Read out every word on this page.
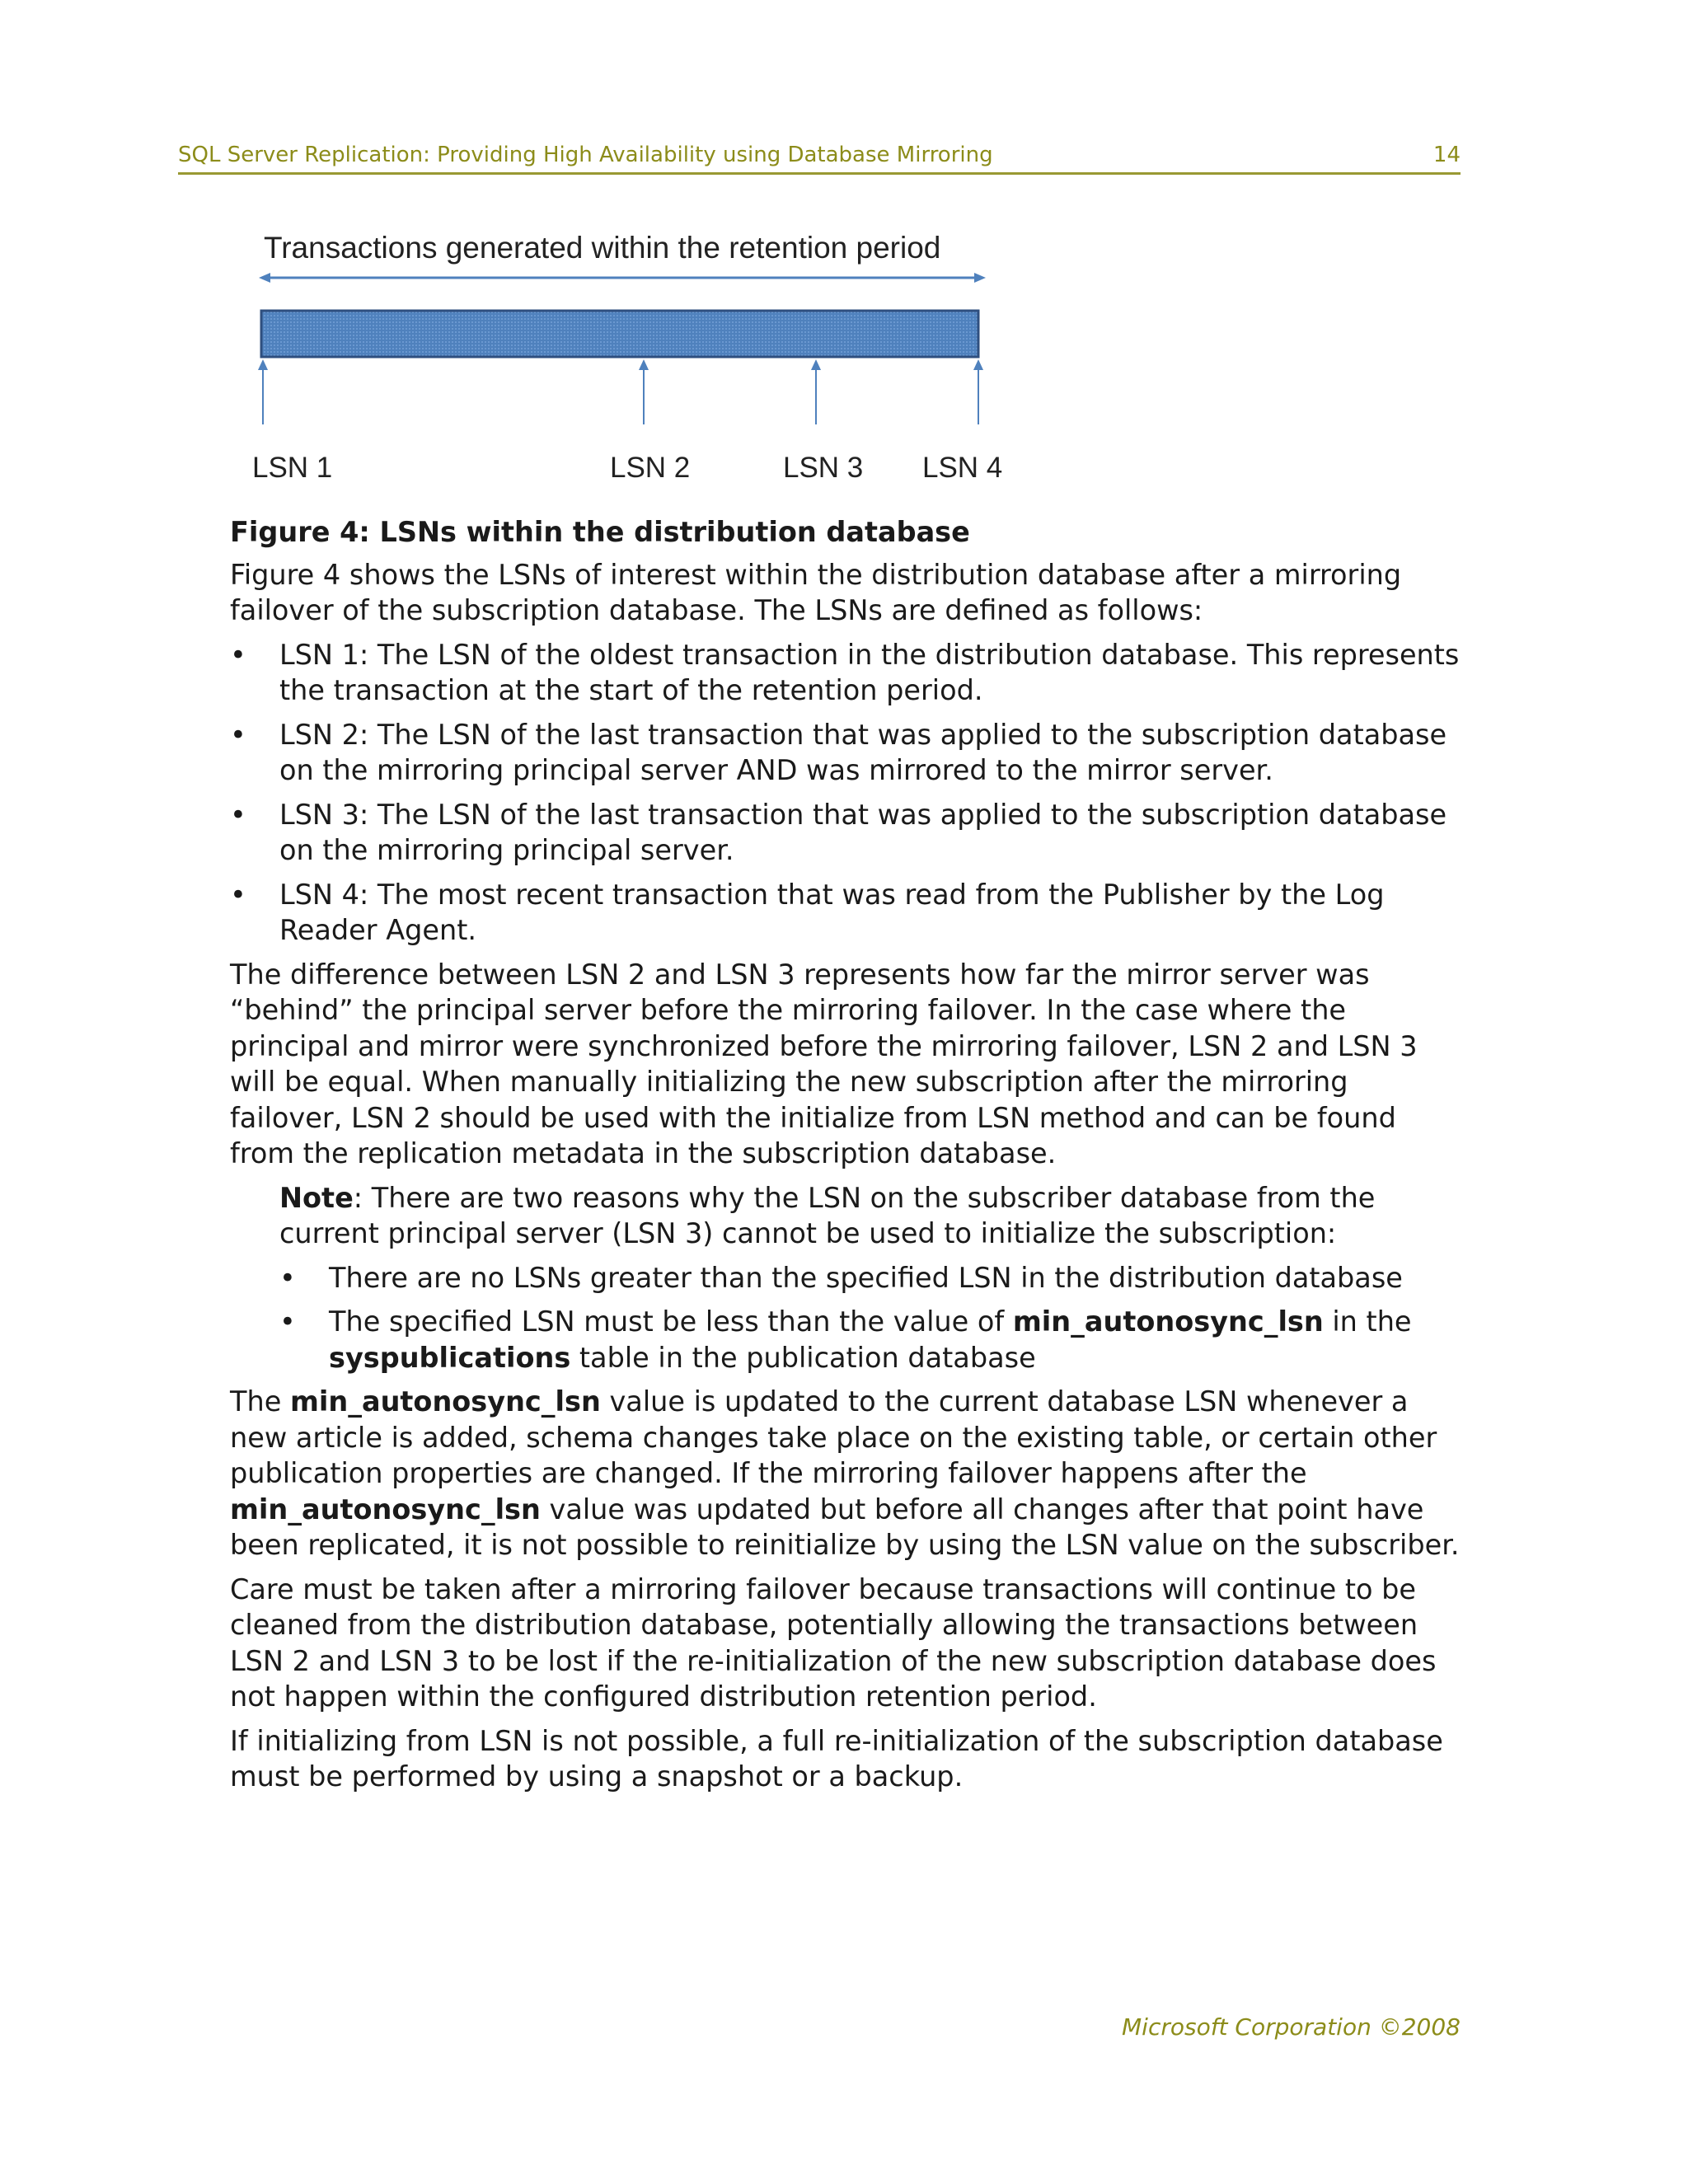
SQL Server Replication: Providing High Availability using Database Mirroring	14
Transactions generated within the retention period
LSN 1	LSN 2	LSN 3 LSN 4

Figure 4: LSNs within the distribution database

Figure 4 shows the LSNs of interest within the distribution database after a mirroring failover of the subscription database. The LSNs are defined as follows:

• LSN 1: The LSN of the oldest transaction in the distribution database. This represents the transaction at the start of the retention period.
• LSN 2: The LSN of the last transaction that was applied to the subscription database on the mirroring principal server AND was mirrored to the mirror server.
• LSN 3: The LSN of the last transaction that was applied to the subscription database on the mirroring principal server.
• LSN 4: The most recent transaction that was read from the Publisher by the Log Reader Agent.

The difference between LSN 2 and LSN 3 represents how far the mirror server was “behind” the principal server before the mirroring failover. In the case where the principal and mirror were synchronized before the mirroring failover, LSN 2 and LSN 3 will be equal. When manually initializing the new subscription after the mirroring failover, LSN 2 should be used with the initialize from LSN method and can be found from the replication metadata in the subscription database.

Note: There are two reasons why the LSN on the subscriber database from the current principal server (LSN 3) cannot be used to initialize the subscription:
• There are no LSNs greater than the specified LSN in the distribution database
• The specified LSN must be less than the value of min_autonosync_lsn in the syspublications table in the publication database

The min_autonosync_lsn value is updated to the current database LSN whenever a new article is added, schema changes take place on the existing table, or certain other publication properties are changed. If the mirroring failover happens after the min_autonosync_lsn value was updated but before all changes after that point have been replicated, it is not possible to reinitialize by using the LSN value on the subscriber.

Care must be taken after a mirroring failover because transactions will continue to be cleaned from the distribution database, potentially allowing the transactions between LSN 2 and LSN 3 to be lost if the re-initialization of the new subscription database does not happen within the configured distribution retention period.

If initializing from LSN is not possible, a full re-initialization of the subscription database must be performed by using a snapshot or a backup.

Microsoft Corporation ©2008
